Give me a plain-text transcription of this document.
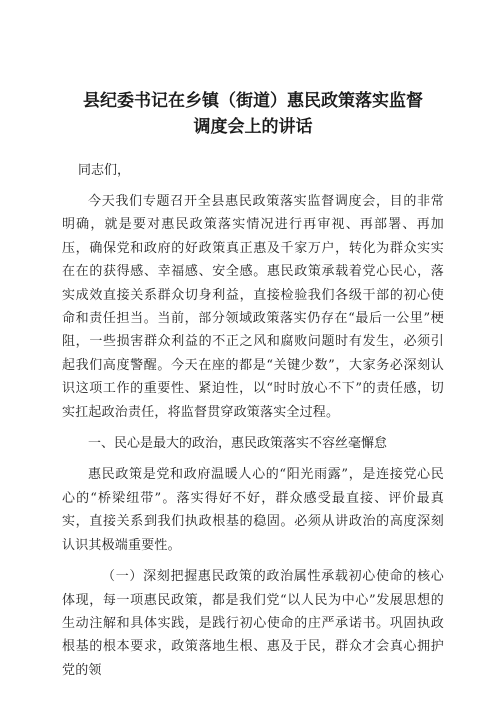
县纪委书记在乡镇（街道）惠民政策落实监督
调度会上的讲话
同志们，

今天我们专题召开全县惠民政策落实监督调度会，目的非常明确，就是要对惠民政策落实情况进行再审视、再部署、再加压，确保党和政府的好政策真正惠及千家万户，转化为群众实实在在的获得感、幸福感、安全感。惠民政策承载着党心民心，落实成效直接关系群众切身利益，直接检验我们各级干部的初心使命和责任担当。当前，部分领域政策落实仍存在“最后一公里”梗阻，一些损害群众利益的不正之风和腐败问题时有发生，必须引起我们高度警醒。今天在座的都是“关键少数”，大家务必深刻认识这项工作的重要性、紧迫性，以“时时放心不下”的责任感，切实扛起政治责任，将监督贯穿政策落实全过程。

一、民心是最大的政治，惠民政策落实不容丝毫懈怠

惠民政策是党和政府温暖人心的“阳光雨露”，是连接党心民心的“桥梁纽带”。落实得好不好，群众感受最直接、评价最真实，直接关系到我们执政根基的稳固。必须从讲政治的高度深刻认识其极端重要性。

（一）深刻把握惠民政策的政治属性承载初心使命的核心体现，每一项惠民政策，都是我们党“以人民为中心”发展思想的生动注解和具体实践，是践行初心使命的庄严承诺书。巩固执政根基的根本要求，政策落地生根、惠及于民，群众才会真心拥护党的领
